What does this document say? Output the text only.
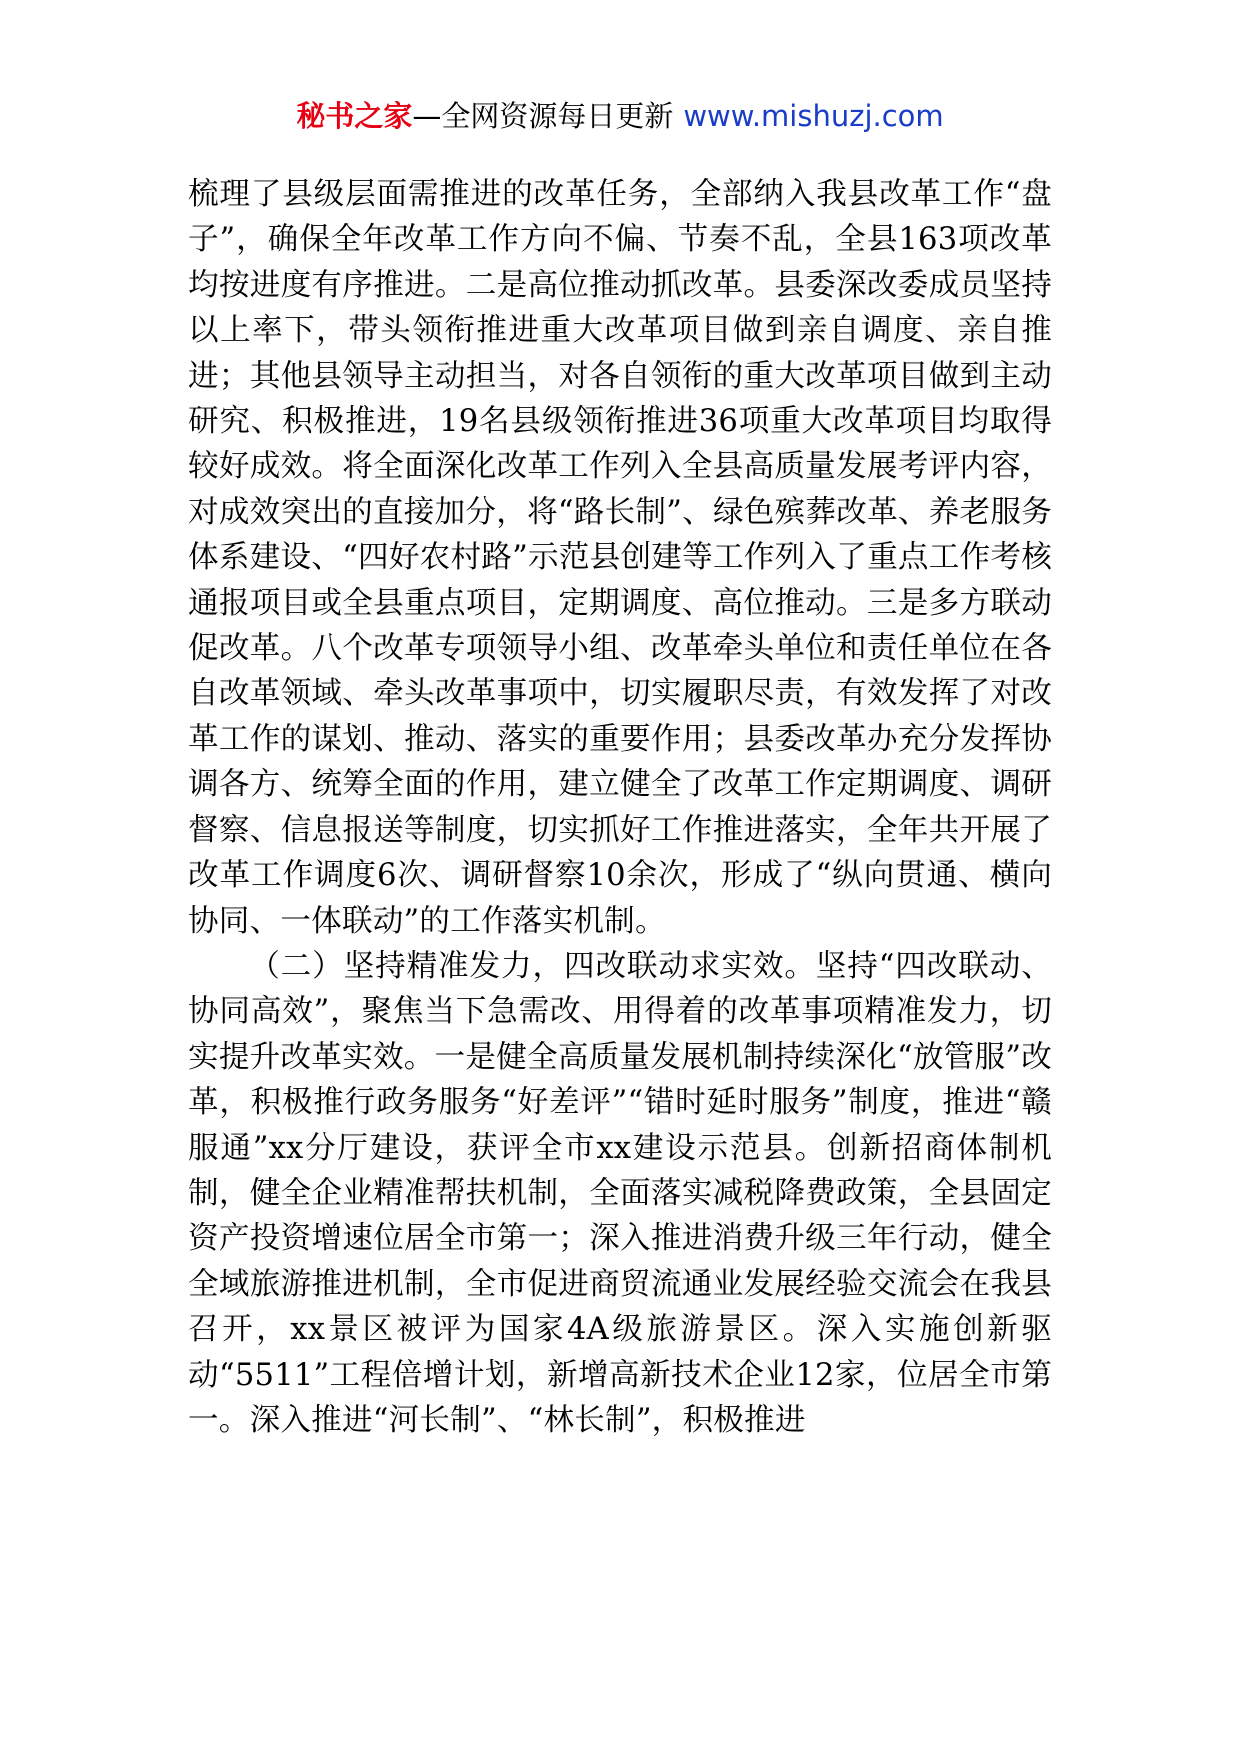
秘书之家—全网资源每日更新 www.mishuzj.com

梳理了县级层面需推进的改革任务，全部纳入我县改革工作“盘子”，确保全年改革工作方向不偏、节奏不乱，全县163项改革均按进度有序推进。二是高位推动抓改革。县委深改委成员坚持以上率下，带头领衔推进重大改革项目做到亲自调度、亲自推进；其他县领导主动担当，对各自领衔的重大改革项目做到主动研究、积极推进，19名县级领衔推进36项重大改革项目均取得较好成效。将全面深化改革工作列入全县高质量发展考评内容，对成效突出的直接加分，将“路长制”、绿色殡葬改革、养老服务体系建设、“四好农村路”示范县创建等工作列入了重点工作考核通报项目或全县重点项目，定期调度、高位推动。三是多方联动促改革。八个改革专项领导小组、改革牵头单位和责任单位在各自改革领域、牵头改革事项中，切实履职尽责，有效发挥了对改革工作的谋划、推动、落实的重要作用；县委改革办充分发挥协调各方、统筹全面的作用，建立健全了改革工作定期调度、调研督察、信息报送等制度，切实抓好工作推进落实，全年共开展了改革工作调度6次、调研督察10余次，形成了“纵向贯通、横向协同、一体联动”的工作落实机制。

（二）坚持精准发力，四改联动求实效。坚持“四改联动、协同高效”，聚焦当下急需改、用得着的改革事项精准发力，切实提升改革实效。一是健全高质量发展机制持续深化“放管服”改革，积极推行政务服务“好差评”“错时延时服务”制度，推进“赣服通”xx分厅建设，获评全市xx建设示范县。创新招商体制机制，健全企业精准帮扶机制，全面落实减税降费政策，全县固定资产投资增速位居全市第一；深入推进消费升级三年行动，健全全域旅游推进机制，全市促进商贸流通业发展经验交流会在我县召开，xx景区被评为国家4A级旅游景区。深入实施创新驱动“5511”工程倍增计划，新增高新技术企业12家，位居全市第一。深入推进“河长制”、“林长制”，积极推进
